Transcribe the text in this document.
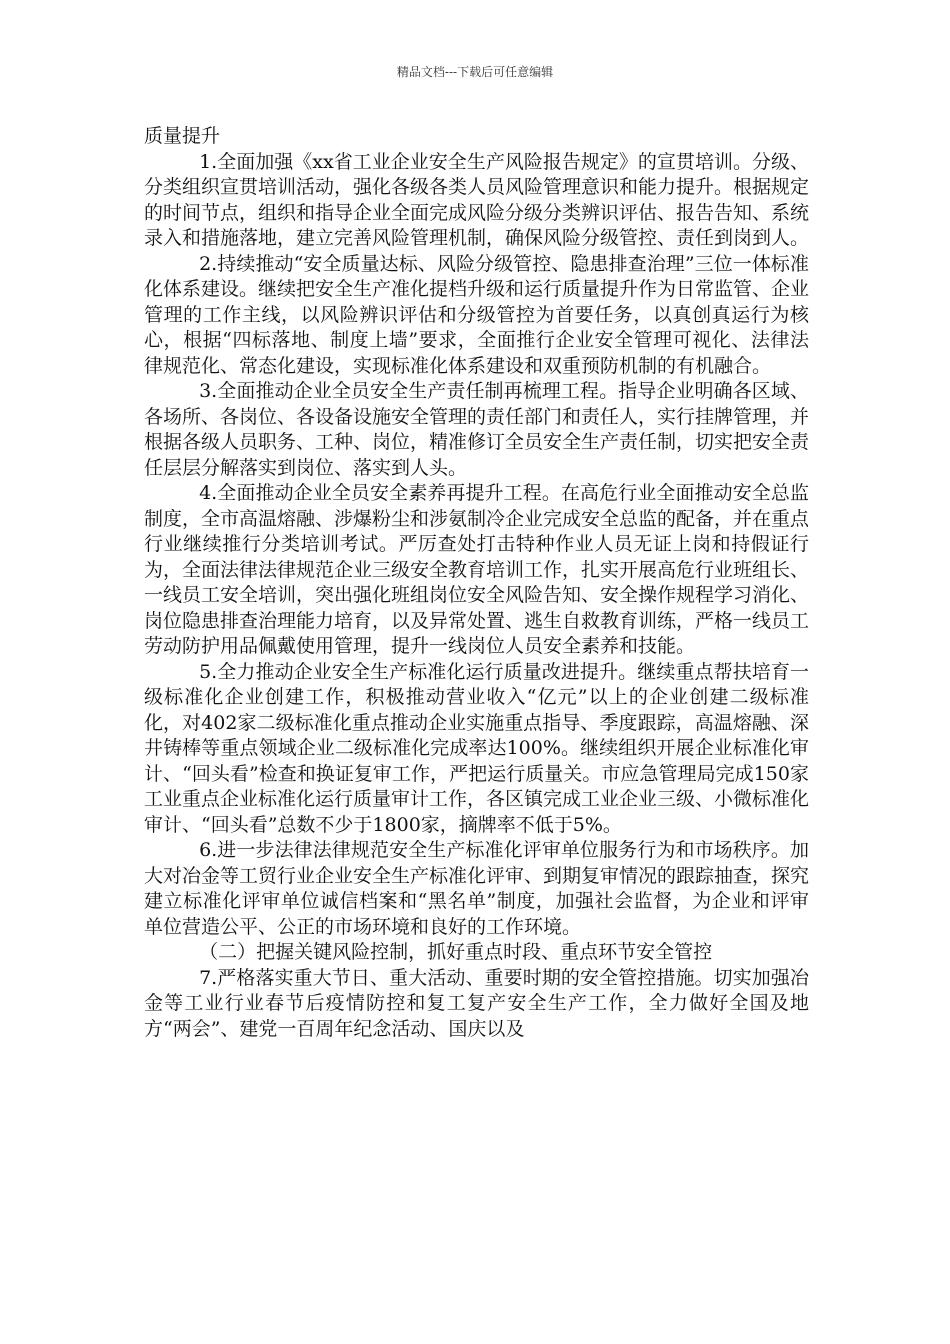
精品文档---下载后可任意编辑

质量提升

1.全面加强《xx省工业企业安全生产风险报告规定》的宣贯培训。分级、分类组织宣贯培训活动，强化各级各类人员风险管理意识和能力提升。根据规定的时间节点，组织和指导企业全面完成风险分级分类辨识评估、报告告知、系统录入和措施落地，建立完善风险管理机制，确保风险分级管控、责任到岗到人。

2.持续推动“安全质量达标、风险分级管控、隐患排查治理”三位一体标准化体系建设。继续把安全生产准化提档升级和运行质量提升作为日常监管、企业管理的工作主线，以风险辨识评估和分级管控为首要任务，以真创真运行为核心，根据“四标落地、制度上墙”要求，全面推行企业安全管理可视化、法律法律规范化、常态化建设，实现标准化体系建设和双重预防机制的有机融合。

3.全面推动企业全员安全生产责任制再梳理工程。指导企业明确各区域、各场所、各岗位、各设备设施安全管理的责任部门和责任人，实行挂牌管理，并根据各级人员职务、工种、岗位，精准修订全员安全生产责任制，切实把安全责任层层分解落实到岗位、落实到人头。

4.全面推动企业全员安全素养再提升工程。在高危行业全面推动安全总监制度，全市高温熔融、涉爆粉尘和涉氨制冷企业完成安全总监的配备，并在重点行业继续推行分类培训考试。严厉查处打击特种作业人员无证上岗和持假证行为，全面法律法律规范企业三级安全教育培训工作，扎实开展高危行业班组长、一线员工安全培训，突出强化班组岗位安全风险告知、安全操作规程学习消化、岗位隐患排查治理能力培育，以及异常处置、逃生自救教育训练，严格一线员工劳动防护用品佩戴使用管理，提升一线岗位人员安全素养和技能。

5.全力推动企业安全生产标准化运行质量改进提升。继续重点帮扶培育一级标准化企业创建工作，积极推动营业收入“亿元”以上的企业创建二级标准化，对402家二级标准化重点推动企业实施重点指导、季度跟踪，高温熔融、深井铸棒等重点领域企业二级标准化完成率达100%。继续组织开展企业标准化审计、“回头看”检查和换证复审工作，严把运行质量关。市应急管理局完成150家工业重点企业标准化运行质量审计工作，各区镇完成工业企业三级、小微标准化审计、“回头看”总数不少于1800家，摘牌率不低于5%。

6.进一步法律法律规范安全生产标准化评审单位服务行为和市场秩序。加大对冶金等工贸行业企业安全生产标准化评审、到期复审情况的跟踪抽查，探究建立标准化评审单位诚信档案和“黑名单”制度，加强社会监督，为企业和评审单位营造公平、公正的市场环境和良好的工作环境。

（二）把握关键风险控制，抓好重点时段、重点环节安全管控

7.严格落实重大节日、重大活动、重要时期的安全管控措施。切实加强冶金等工业行业春节后疫情防控和复工复产安全生产工作，全力做好全国及地方“两会”、建党一百周年纪念活动、国庆以及
